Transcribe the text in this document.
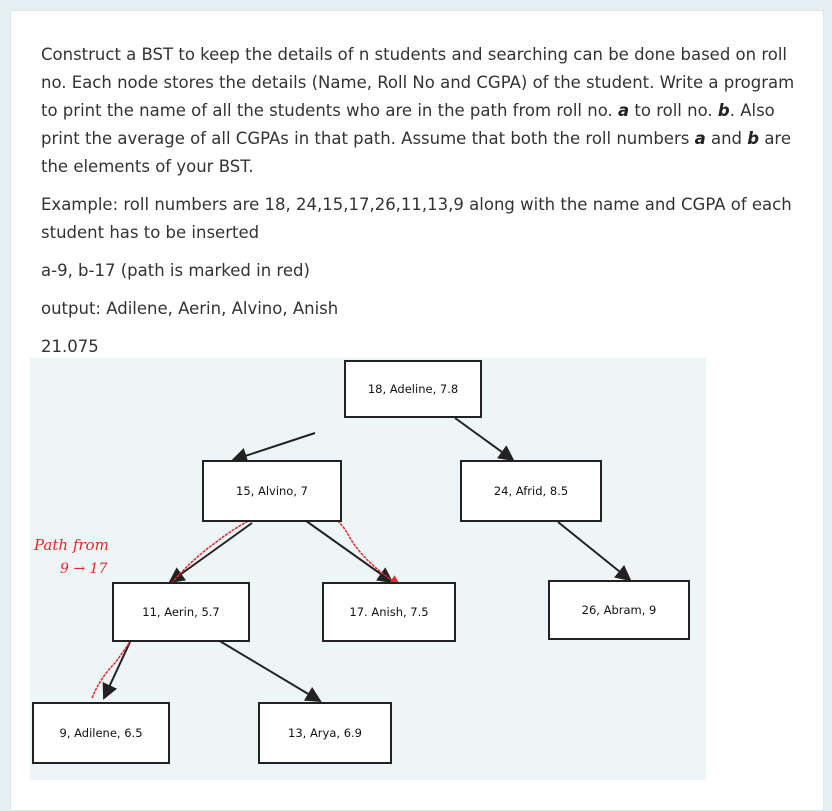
Construct a BST to keep the details of n students and searching can be done based on roll no. Each node stores the details (Name, Roll No and CGPA) of the student. Write a program to print the name of all the students who are in the path from roll no. a to roll no. b. Also print the average of all CGPAs in that path. Assume that both the roll numbers a and b are the elements of your BST.

Example: roll numbers are 18, 24,15,17,26,11,13,9 along with the name and CGPA of each student has to be inserted

a-9, b-17 (path is marked in red)

output: Adilene, Aerin, Alvino, Anish

21.075

Path from
9 → 17
18, Adeline, 7.8
15, Alvino, 7	24, Afrid, 8.5
11, Aerin, 5.7	17. Anish, 7.5	26, Abram, 9
9, Adilene, 6.5	13, Arya, 6.9
